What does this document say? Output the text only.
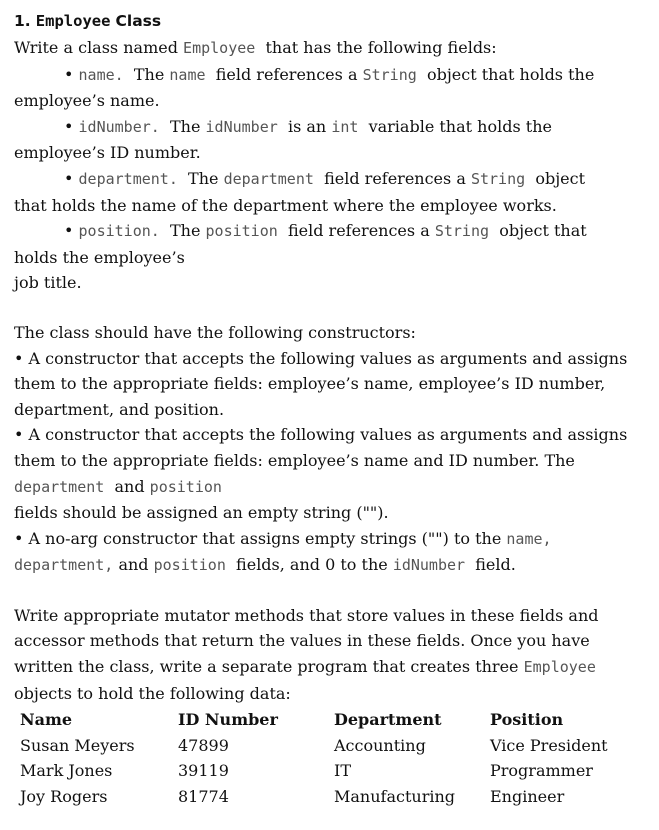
1. Employee Class

Write a class named Employee that has the following fields:

• name. The name field references a String object that holds the
employee’s name.

• idNumber. The idNumber is an int variable that holds the
employee’s ID number.

• department. The department field references a String object
that holds the name of the department where the employee works.

• position. The position field references a String object that
holds the employee’s
job title.

The class should have the following constructors:

• A constructor that accepts the following values as arguments and assigns them to the appropriate fields: employee’s name, employee’s ID number, department, and position.

• A constructor that accepts the following values as arguments and assigns them to the appropriate fields: employee’s name and ID number. The
department and position
fields should be assigned an empty string ("").

• A no-arg constructor that assigns empty strings ("") to the name,
department, and position fields, and 0 to the idNumber field.

Write appropriate mutator methods that store values in these fields and accessor methods that return the values in these fields. Once you have written the class, write a separate program that creates three Employee  objects to hold the following data:

Name	ID Number	Department	Position
Susan Meyers	47899	Accounting	Vice President
Mark Jones	39119	IT	Programmer
Joy Rogers	81774	Manufacturing	Engineer
